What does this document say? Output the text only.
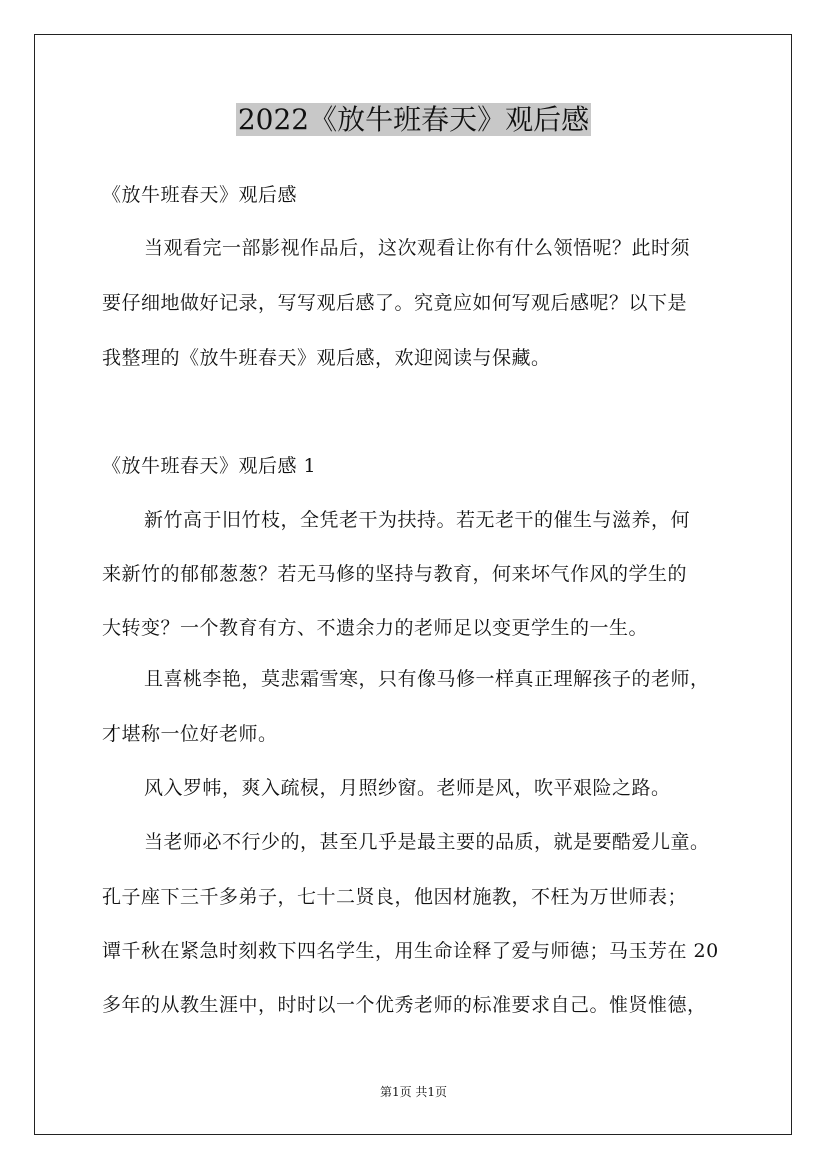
2022《放牛班春天》观后感
《放牛班春天》观后感
当观看完一部影视作品后，这次观看让你有什么领悟呢？此时须
要仔细地做好记录，写写观后感了。究竟应如何写观后感呢？以下是
我整理的《放牛班春天》观后感，欢迎阅读与保藏。
《放牛班春天》观后感 1
新竹高于旧竹枝，全凭老干为扶持。若无老干的催生与滋养，何
来新竹的郁郁葱葱？若无马修的坚持与教育，何来坏气作风的学生的
大转变？一个教育有方、不遗余力的老师足以变更学生的一生。
且喜桃李艳，莫悲霜雪寒，只有像马修一样真正理解孩子的老师，
才堪称一位好老师。
风入罗帏，爽入疏棂，月照纱窗。老师是风，吹平艰险之路。
当老师必不行少的，甚至几乎是最主要的品质，就是要酷爱儿童。
孔子座下三千多弟子，七十二贤良，他因材施教，不枉为万世师表；
谭千秋在紧急时刻救下四名学生，用生命诠释了爱与师德；马玉芳在 20
多年的从教生涯中，时时以一个优秀老师的标准要求自己。惟贤惟德，
第1页 共1页
